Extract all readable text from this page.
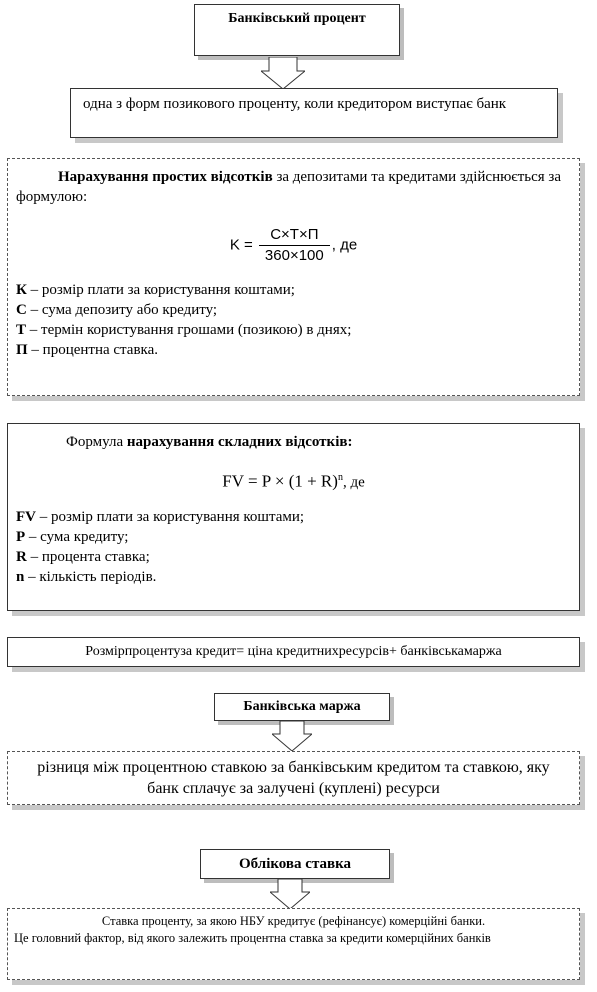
Банківський процент
одна з форм позикового проценту, коли кредитором виступає банк
Нарахування простих відсотків за депозитами та кредитами здійснюється за формулою:
$K = \frac{C\times T\times П}{360\times 100}$ , де
К – розмір плати за користування коштами;
С – сума депозиту або кредиту;
Т – термін користування грошами (позикою) в днях;
П – процентна ставка.
Формула нарахування складних відсотків:
FV = $P \times (1 + R)^n$, де
FV – розмір плати за користування коштами;
P – сума кредиту;
R – процента ставка;
n – кількість періодів.
Розмірпроцентуза кредит= ціна кредитнихресурсів+ банківськамаржа
Банківська маржа
різниця між процентною ставкою за банківським кредитом та ставкою, яку банк сплачує за залучені (куплені) ресурси
Облікова ставка
Ставка проценту, за якою НБУ кредитує (рефінансує) комерційні банки.
Це головний фактор, від якого залежить процентна ставка за кредити комерційних банків
